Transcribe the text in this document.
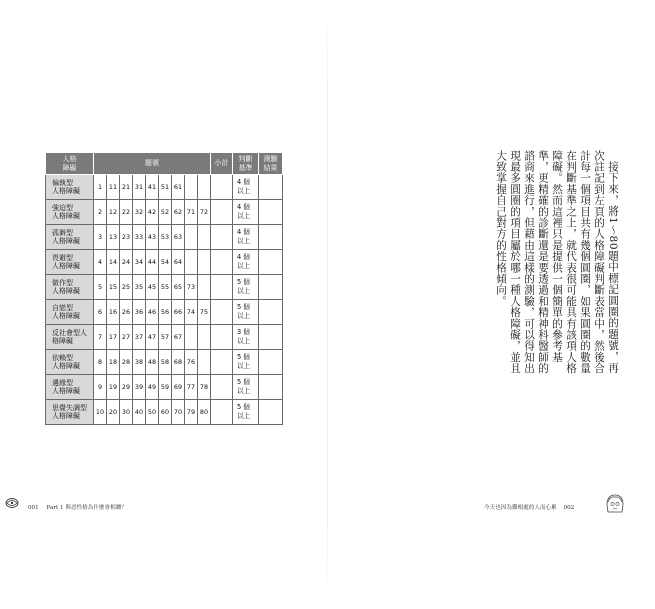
人格
障礙	題號									小計	判斷
基準	測驗
結果
偏執型
人格障礙	1	11	21	31	41	51	61				4 個
以上	
強迫型
人格障礙	2	12	22	32	42	52	62	71	72		4 個
以上	
孤僻型
人格障礙	3	13	23	33	43	53	63				4 個
以上	
畏避型
人格障礙	4	14	24	34	44	54	64				4 個
以上	
做作型
人格障礙	5	15	25	35	45	55	65	73			5 個
以上	
自戀型
人格障礙	6	16	26	36	46	56	66	74	75		5 個
以上	
反社會型人
格障礙	7	17	27	37	47	57	67				3 個
以上	
依賴型
人格障礙	8	18	28	38	48	58	68	76			5 個
以上	
邊緣型
人格障礙	9	19	29	39	49	59	69	77	78		5 個
以上	
思覺失調型
人格障礙	10	20	30	40	50	60	70	79	80		5 個
以上	

接下來，將1～80題中標記圓圈的題號，再次註記到左頁的人格障礙判斷表當中，然後合計每一個項目共有幾個圓圈，如果圓圈的數量在判斷基準之上，就代表很可能具有該項人格障礙。然而這裡只是提供一個簡單的參考基準，更精確的診斷還是要透過和精神科醫師的諮商來進行，但藉由這樣的測驗，可以得知出現最多圓圈的項目屬於哪一種人格障礙，並且大致掌握自己對方的性格傾向。

001 Part 1 與惡性格為什麼會相纏？	今天也因為難相處的人而心累 002
